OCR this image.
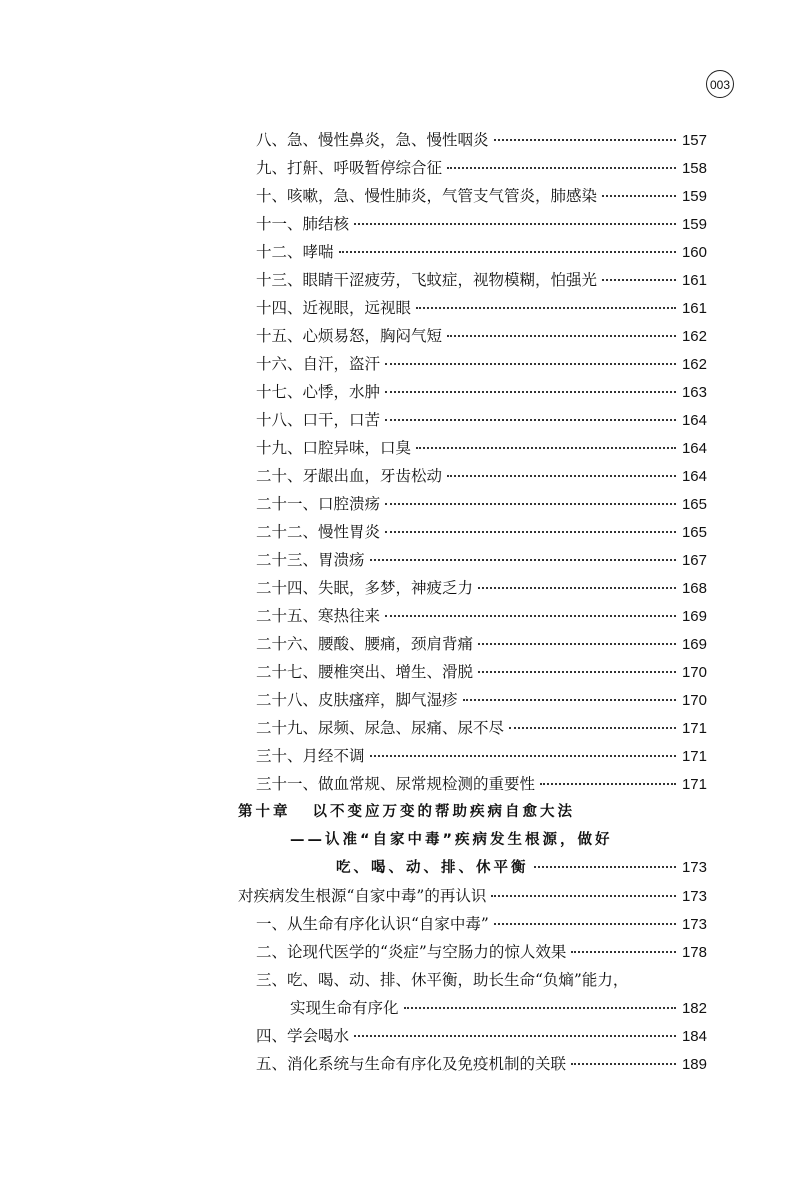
003
八、急、慢性鼻炎，急、慢性咽炎	157
九、打鼾、呼吸暂停综合征	158
十、咳嗽，急、慢性肺炎，气管支气管炎，肺感染	159
十一、肺结核	159
十二、哮喘	160
十三、眼睛干涩疲劳，飞蚊症，视物模糊，怕强光	161
十四、近视眼，远视眼	161
十五、心烦易怒，胸闷气短	162
十六、自汗，盗汗	162
十七、心悸，水肿	163
十八、口干，口苦	164
十九、口腔异味，口臭	164
二十、牙龈出血，牙齿松动	164
二十一、口腔溃疡	165
二十二、慢性胃炎	165
二十三、胃溃疡	167
二十四、失眠，多梦，神疲乏力	168
二十五、寒热往来	169
二十六、腰酸、腰痛，颈肩背痛	169
二十七、腰椎突出、增生、滑脱	170
二十八、皮肤瘙痒，脚气湿疹	170
二十九、尿频、尿急、尿痛、尿不尽	171
三十、月经不调	171
三十一、做血常规、尿常规检测的重要性	171
第十章 以不变应万变的帮助疾病自愈大法
——认准“自家中毒”疾病发生根源，做好
吃、喝、动、排、休平衡	173
对疾病发生根源“自家中毒”的再认识	173
一、从生命有序化认识“自家中毒”	173
二、论现代医学的“炎症”与空肠力的惊人效果	178
三、吃、喝、动、排、休平衡，助长生命“负熵”能力，
实现生命有序化	182
四、学会喝水	184
五、消化系统与生命有序化及免疫机制的关联	189
